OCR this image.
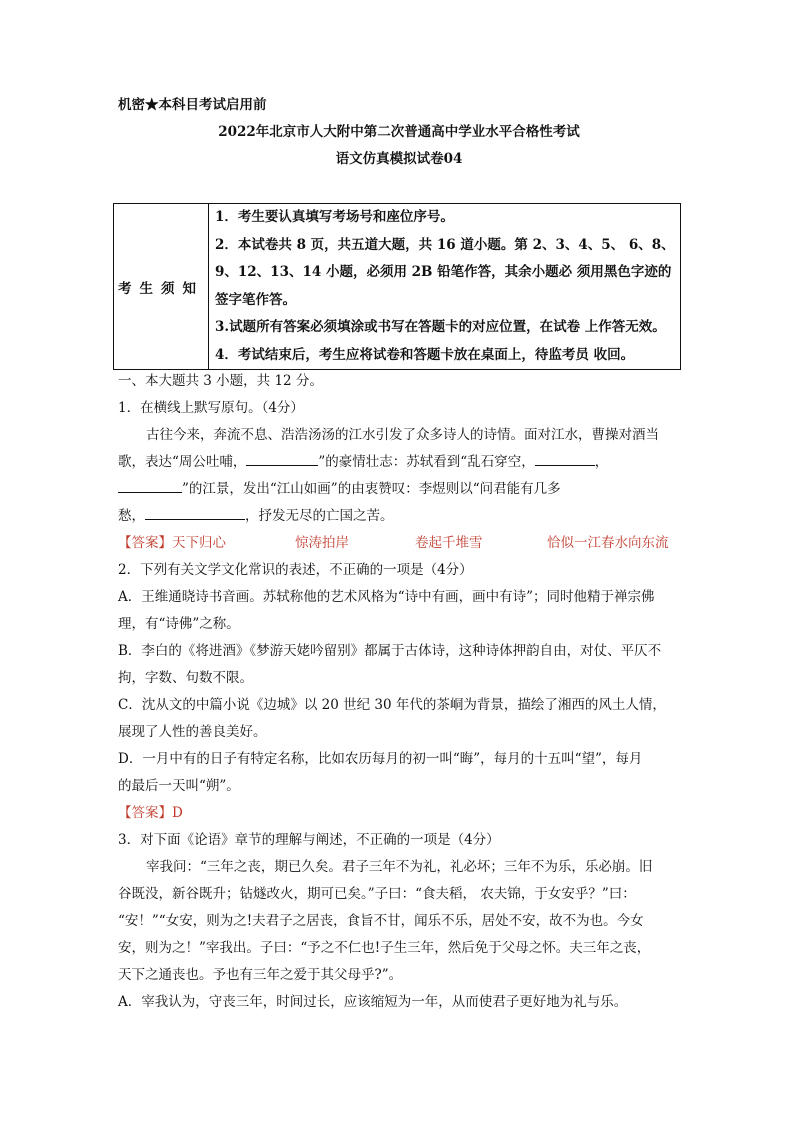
机密★本科目考试启用前
2022年北京市人大附中第二次普通高中学业水平合格性考试
语文仿真模拟试卷04
考生须知	
1．考生要认真填写考场号和座位序号。
2．本试卷共 8 页，共五道大题，共 16 道小题。第 2、3、4、5、 6、8、
9、12、13、14 小题，必须用 2B 铅笔作答，其余小题必 须用黑色字迹的
签字笔作答。
3.试题所有答案必须填涂或书写在答题卡的对应位置，在试卷 上作答无效。
4．考试结束后，考生应将试卷和答题卡放在桌面上，待监考员 收回。
一、本大题共 3 小题，共 12 分。
1．在横线上默写原句。（4分）
古往今来，奔流不息、浩浩汤汤的江水引发了众多诗人的诗情。面对江水，曹操对酒当
歌，表达“周公吐哺，	”的豪情壮志：苏轼看到“乱石穿空，	，
”的江景，发出“江山如画”的由衷赞叹：李煜则以“问君能有几多
愁，	，抒发无尽的亡国之苦。
【答案】天下归心	惊涛拍岸	卷起千堆雪	恰似一江春水向东流
2．下列有关文学文化常识的表述，不正确的一项是（4分）
A．王维通晓诗书音画。苏轼称他的艺术风格为“诗中有画，画中有诗”；同时他精于禅宗佛
理，有“诗佛”之称。
B．李白的《将进酒》《梦游天姥吟留别》都属于古体诗，这种诗体押韵自由，对仗、平仄不
拘，字数、句数不限。
C．沈从文的中篇小说《边城》以 20 世纪 30 年代的茶峒为背景，描绘了湘西的风土人情，
展现了人性的善良美好。
D．一月中有的日子有特定名称，比如农历每月的初一叫“晦”，每月的十五叫“望”，每月
的最后一天叫“朔”。
【答案】D
3．对下面《论语》章节的理解与阐述，不正确的一项是（4分）
宰我问：“三年之丧，期已久矣。君子三年不为礼，礼必坏；三年不为乐，乐必崩。旧
谷既没，新谷既升；钻燧改火，期可已矣。”子曰：“食夫稻， 农夫锦，于女安乎？”曰：
“安！”“女安，则为之!夫君子之居丧，食旨不甘，闻乐不乐，居处不安，故不为也。今女
安，则为之！”宰我出。子曰：“予之不仁也!子生三年，然后免于父母之怀。夫三年之丧，
天下之通丧也。予也有三年之爱于其父母乎?”。
A．宰我认为，守丧三年，时间过长，应该缩短为一年，从而使君子更好地为礼与乐。
